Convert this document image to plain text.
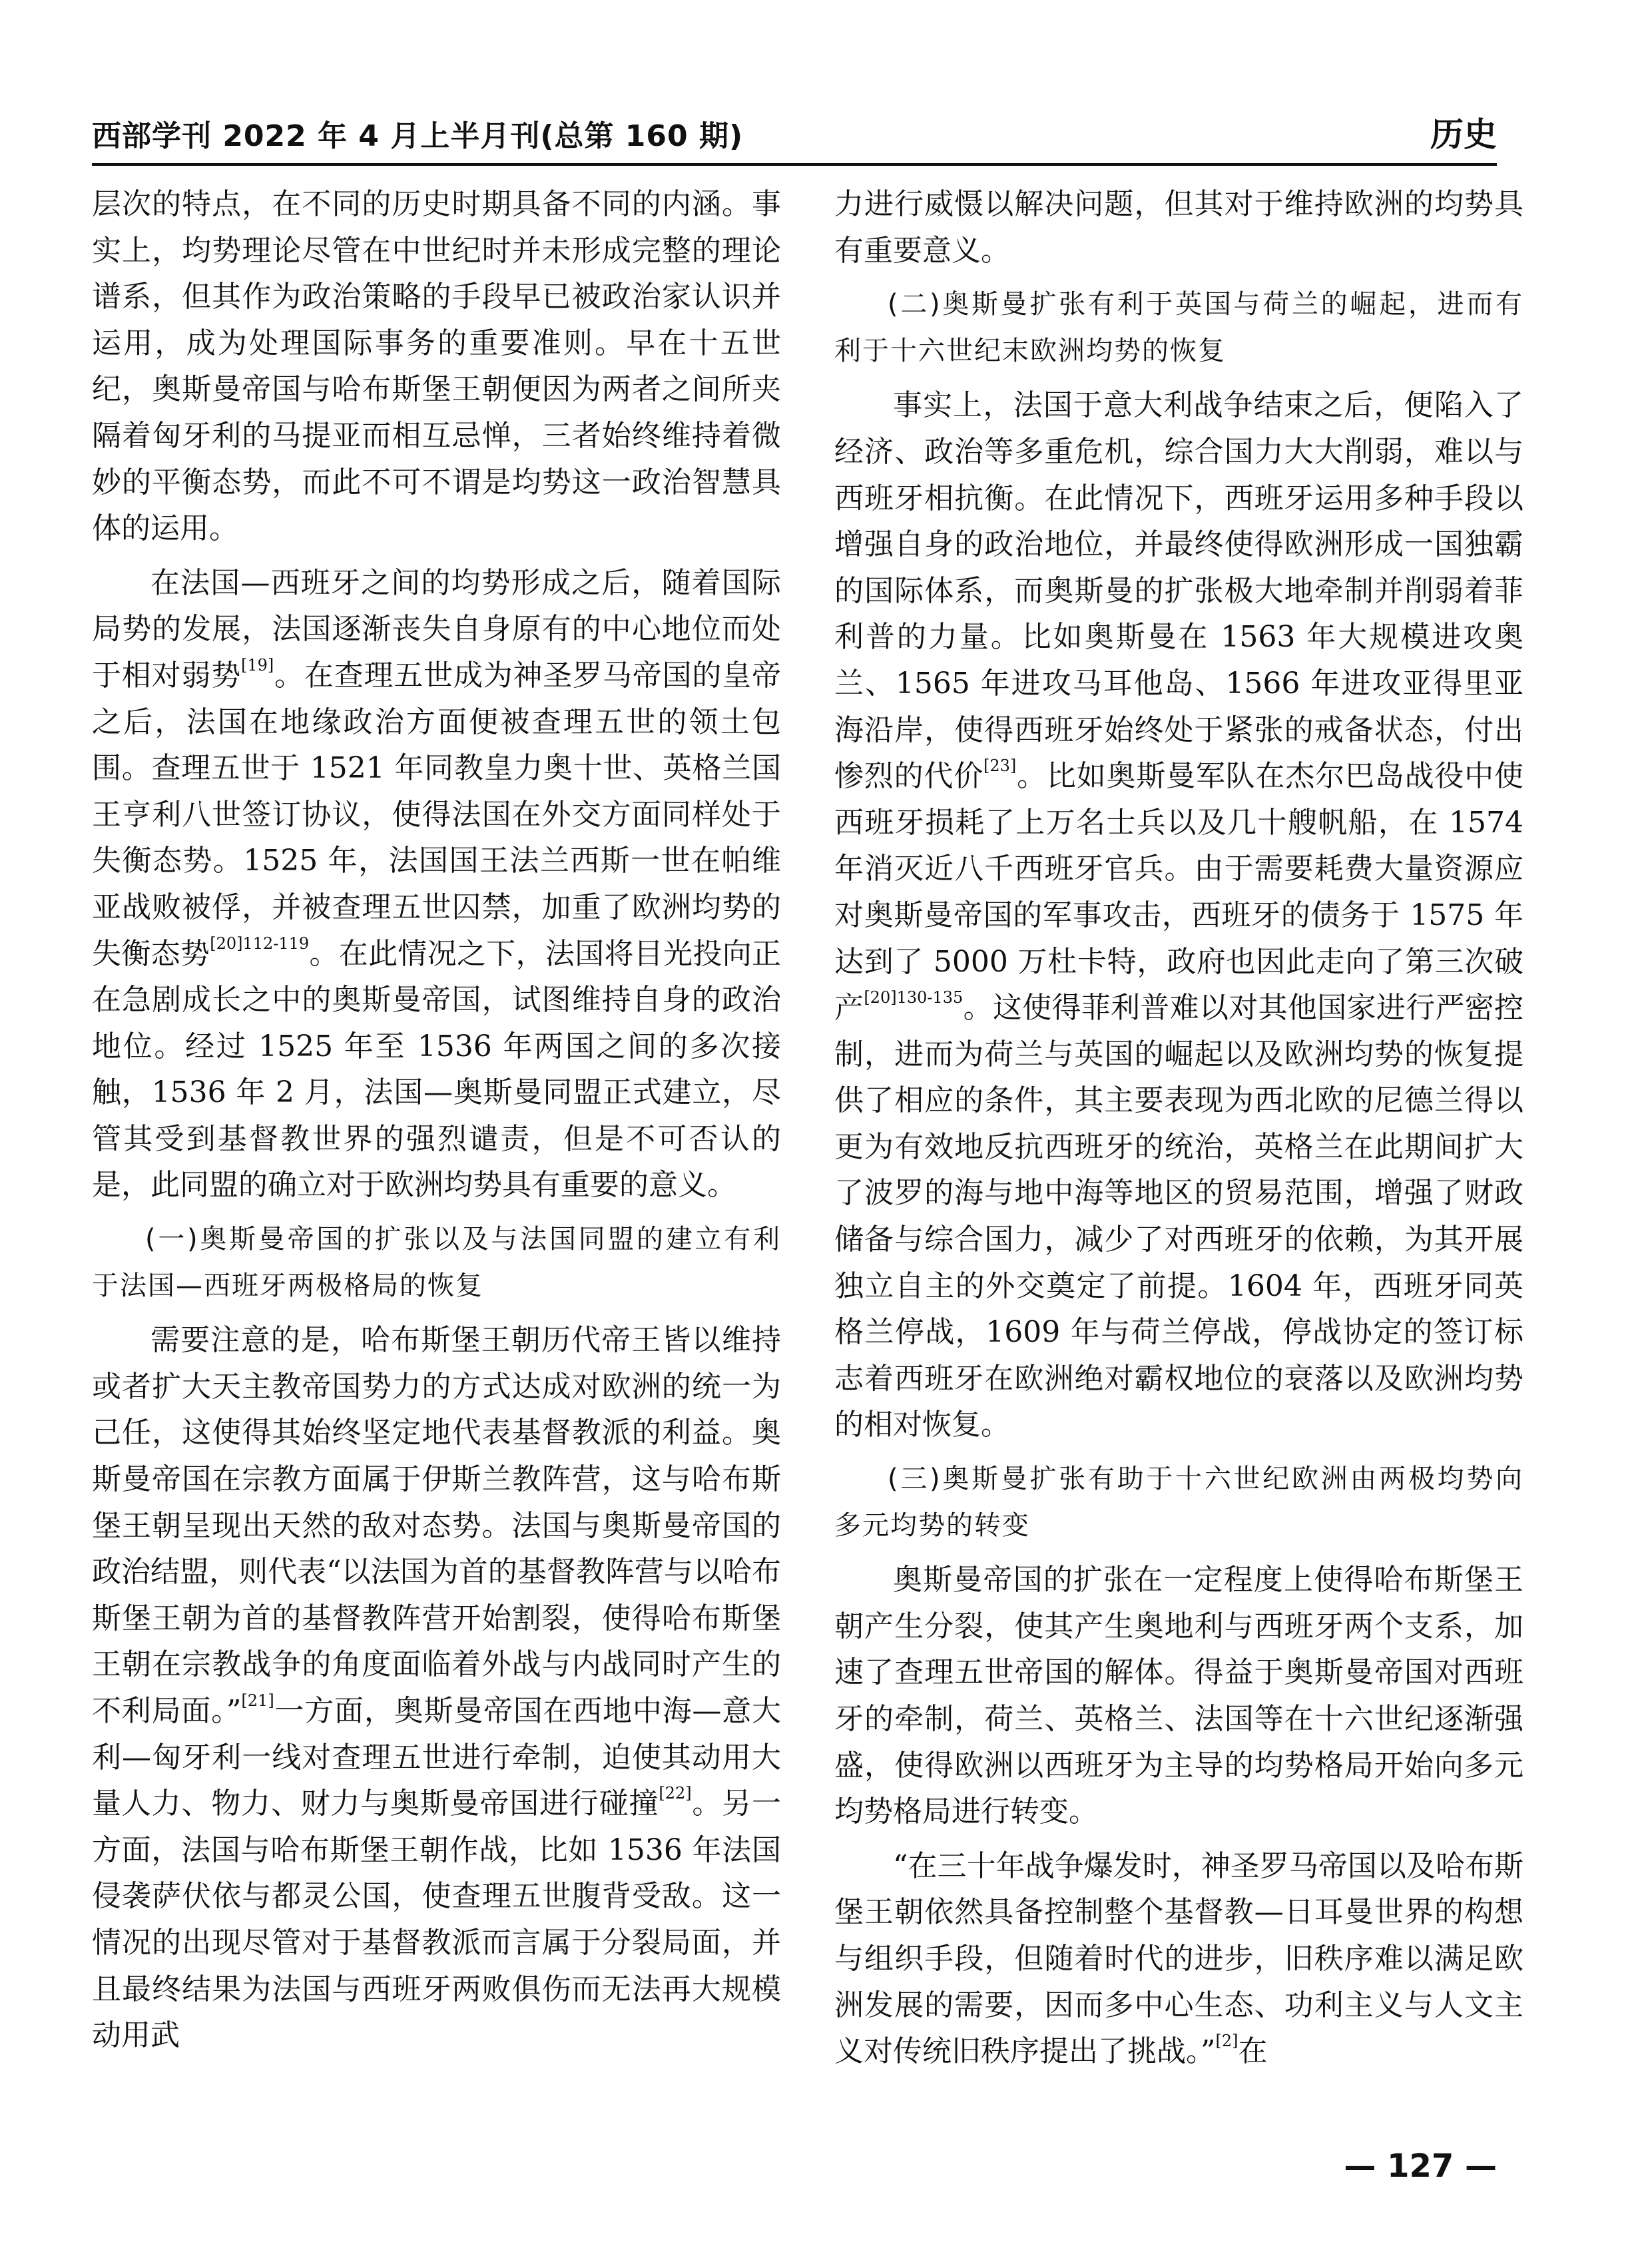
西部学刊 2022 年 4 月上半月刊(总第 160 期)	历史

层次的特点，在不同的历史时期具备不同的内涵。事实上，均势理论尽管在中世纪时并未形成完整的理论谱系，但其作为政治策略的手段早已被政治家认识并运用，成为处理国际事务的重要准则。早在十五世纪，奥斯曼帝国与哈布斯堡王朝便因为两者之间所夹隔着匈牙利的马提亚而相互忌惮，三者始终维持着微妙的平衡态势，而此不可不谓是均势这一政治智慧具体的运用。

在法国—西班牙之间的均势形成之后，随着国际局势的发展，法国逐渐丧失自身原有的中心地位而处于相对弱势[19]。在查理五世成为神圣罗马帝国的皇帝之后，法国在地缘政治方面便被查理五世的领土包围。查理五世于 1521 年同教皇力奥十世、英格兰国王亨利八世签订协议，使得法国在外交方面同样处于失衡态势。1525 年，法国国王法兰西斯一世在帕维亚战败被俘，并被查理五世囚禁，加重了欧洲均势的失衡态势$^{[20]112-119}$。在此情况之下，法国将目光投向正在急剧成长之中的奥斯曼帝国，试图维持自身的政治地位。经过 1525 年至 1536 年两国之间的多次接触，1536 年 2 月，法国—奥斯曼同盟正式建立，尽管其受到基督教世界的强烈谴责，但是不可否认的是，此同盟的确立对于欧洲均势具有重要的意义。

(一)奥斯曼帝国的扩张以及与法国同盟的建立有利于法国—西班牙两极格局的恢复

需要注意的是，哈布斯堡王朝历代帝王皆以维持或者扩大天主教帝国势力的方式达成对欧洲的统一为己任，这使得其始终坚定地代表基督教派的利益。奥斯曼帝国在宗教方面属于伊斯兰教阵营，这与哈布斯堡王朝呈现出天然的敌对态势。法国与奥斯曼帝国的政治结盟，则代表“以法国为首的基督教阵营与以哈布斯堡王朝为首的基督教阵营开始割裂，使得哈布斯堡王朝在宗教战争的角度面临着外战与内战同时产生的不利局面。”[21]一方面，奥斯曼帝国在西地中海—意大利—匈牙利一线对查理五世进行牵制，迫使其动用大量人力、物力、财力与奥斯曼帝国进行碰撞[22]。另一方面，法国与哈布斯堡王朝作战，比如 1536 年法国侵袭萨伏依与都灵公国，使查理五世腹背受敌。这一情况的出现尽管对于基督教派而言属于分裂局面，并且最终结果为法国与西班牙两败俱伤而无法再大规模动用武

力进行威慑以解决问题，但其对于维持欧洲的均势具有重要意义。

(二)奥斯曼扩张有利于英国与荷兰的崛起，进而有利于十六世纪末欧洲均势的恢复

事实上，法国于意大利战争结束之后，便陷入了经济、政治等多重危机，综合国力大大削弱，难以与西班牙相抗衡。在此情况下，西班牙运用多种手段以增强自身的政治地位，并最终使得欧洲形成一国独霸的国际体系，而奥斯曼的扩张极大地牵制并削弱着菲利普的力量。比如奥斯曼在 1563 年大规模进攻奥兰、1565 年进攻马耳他岛、1566 年进攻亚得里亚海沿岸，使得西班牙始终处于紧张的戒备状态，付出惨烈的代价[23]。比如奥斯曼军队在杰尔巴岛战役中使西班牙损耗了上万名士兵以及几十艘帆船，在 1574 年消灭近八千西班牙官兵。由于需要耗费大量资源应对奥斯曼帝国的军事攻击，西班牙的债务于 1575 年达到了 5000 万杜卡特，政府也因此走向了第三次破产$^{[20]130-135}$。这使得菲利普难以对其他国家进行严密控制，进而为荷兰与英国的崛起以及欧洲均势的恢复提供了相应的条件，其主要表现为西北欧的尼德兰得以更为有效地反抗西班牙的统治，英格兰在此期间扩大了波罗的海与地中海等地区的贸易范围，增强了财政储备与综合国力，减少了对西班牙的依赖，为其开展独立自主的外交奠定了前提。1604 年，西班牙同英格兰停战，1609 年与荷兰停战，停战协定的签订标志着西班牙在欧洲绝对霸权地位的衰落以及欧洲均势的相对恢复。

(三)奥斯曼扩张有助于十六世纪欧洲由两极均势向多元均势的转变

奥斯曼帝国的扩张在一定程度上使得哈布斯堡王朝产生分裂，使其产生奥地利与西班牙两个支系，加速了查理五世帝国的解体。得益于奥斯曼帝国对西班牙的牵制，荷兰、英格兰、法国等在十六世纪逐渐强盛，使得欧洲以西班牙为主导的均势格局开始向多元均势格局进行转变。

“在三十年战争爆发时，神圣罗马帝国以及哈布斯堡王朝依然具备控制整个基督教—日耳曼世界的构想与组织手段，但随着时代的进步，旧秩序难以满足欧洲发展的需要，因而多中心生态、功利主义与人文主义对传统旧秩序提出了挑战。”[2]在

— 127 —
